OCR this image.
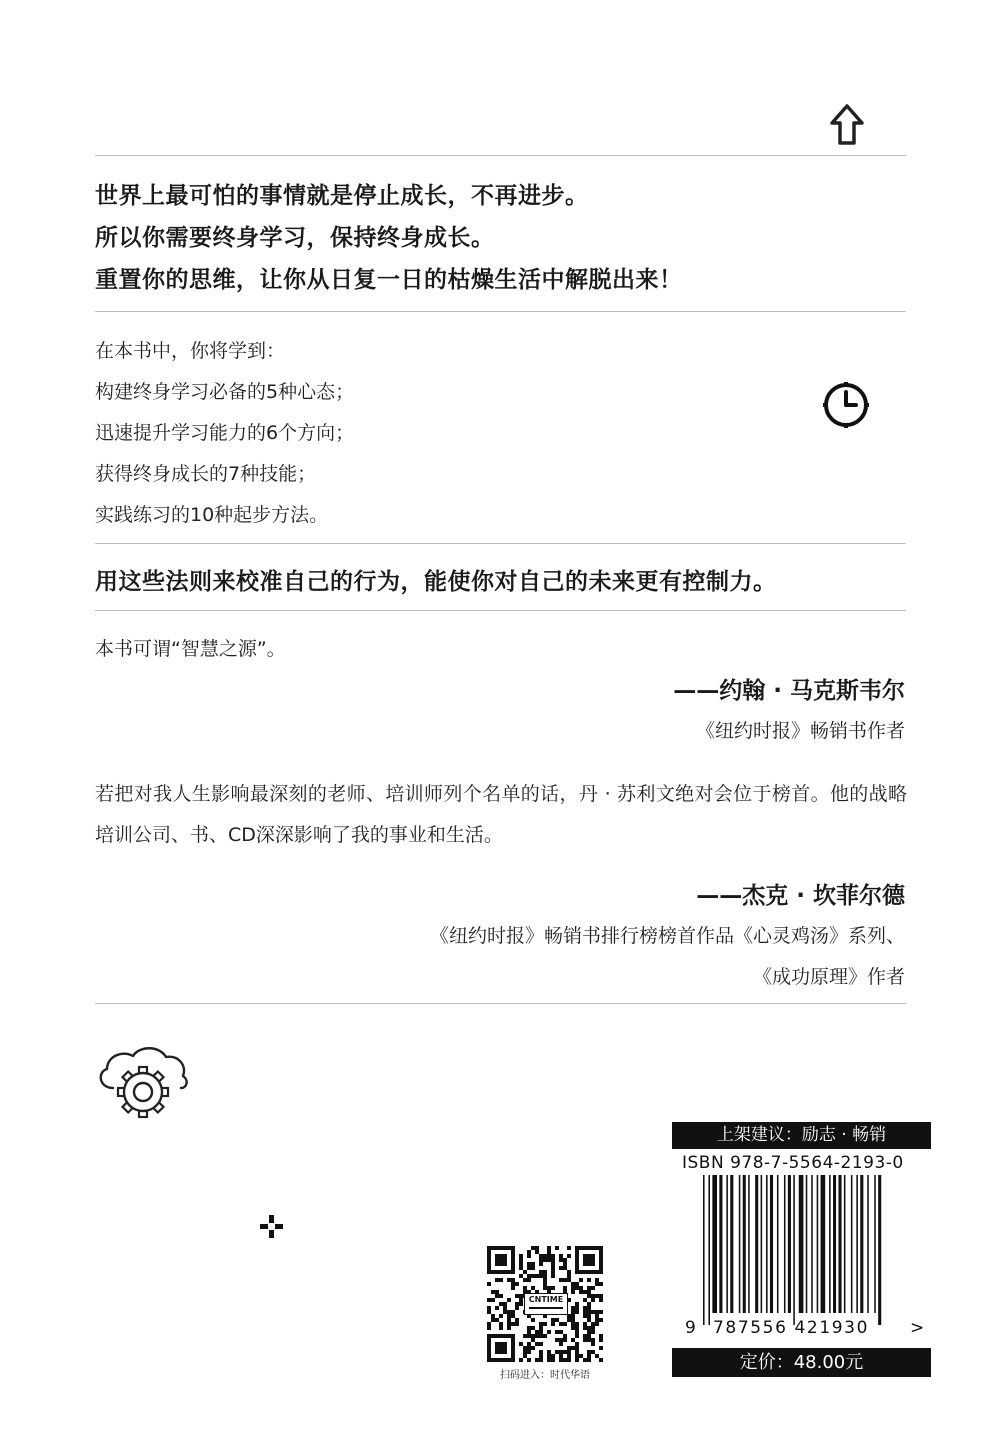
世界上最可怕的事情就是停止成长，不再进步。
所以你需要终身学习，保持终身成长。
重置你的思维，让你从日复一日的枯燥生活中解脱出来！
在本书中，你将学到：
构建终身学习必备的5种心态；
迅速提升学习能力的6个方向；
获得终身成长的7种技能；
实践练习的10种起步方法。
用这些法则来校准自己的行为，能使你对自己的未来更有控制力。
本书可谓“智慧之源”。
——约翰 · 马克斯韦尔
《纽约时报》畅销书作者
若把对我人生影响最深刻的老师、培训师列个名单的话，丹 · 苏利文绝对会位于榜首。他的战略培训公司、书、CD深深影响了我的事业和生活。
——杰克 · 坎菲尔德
《纽约时报》畅销书排行榜榜首作品《心灵鸡汤》系列、
《成功原理》作者
CNTIME
扫码进入：时代华语
上架建议：励志 · 畅销
ISBN 978-7-5564-2193-0
9 787556 421930 >
定价：48.00元
